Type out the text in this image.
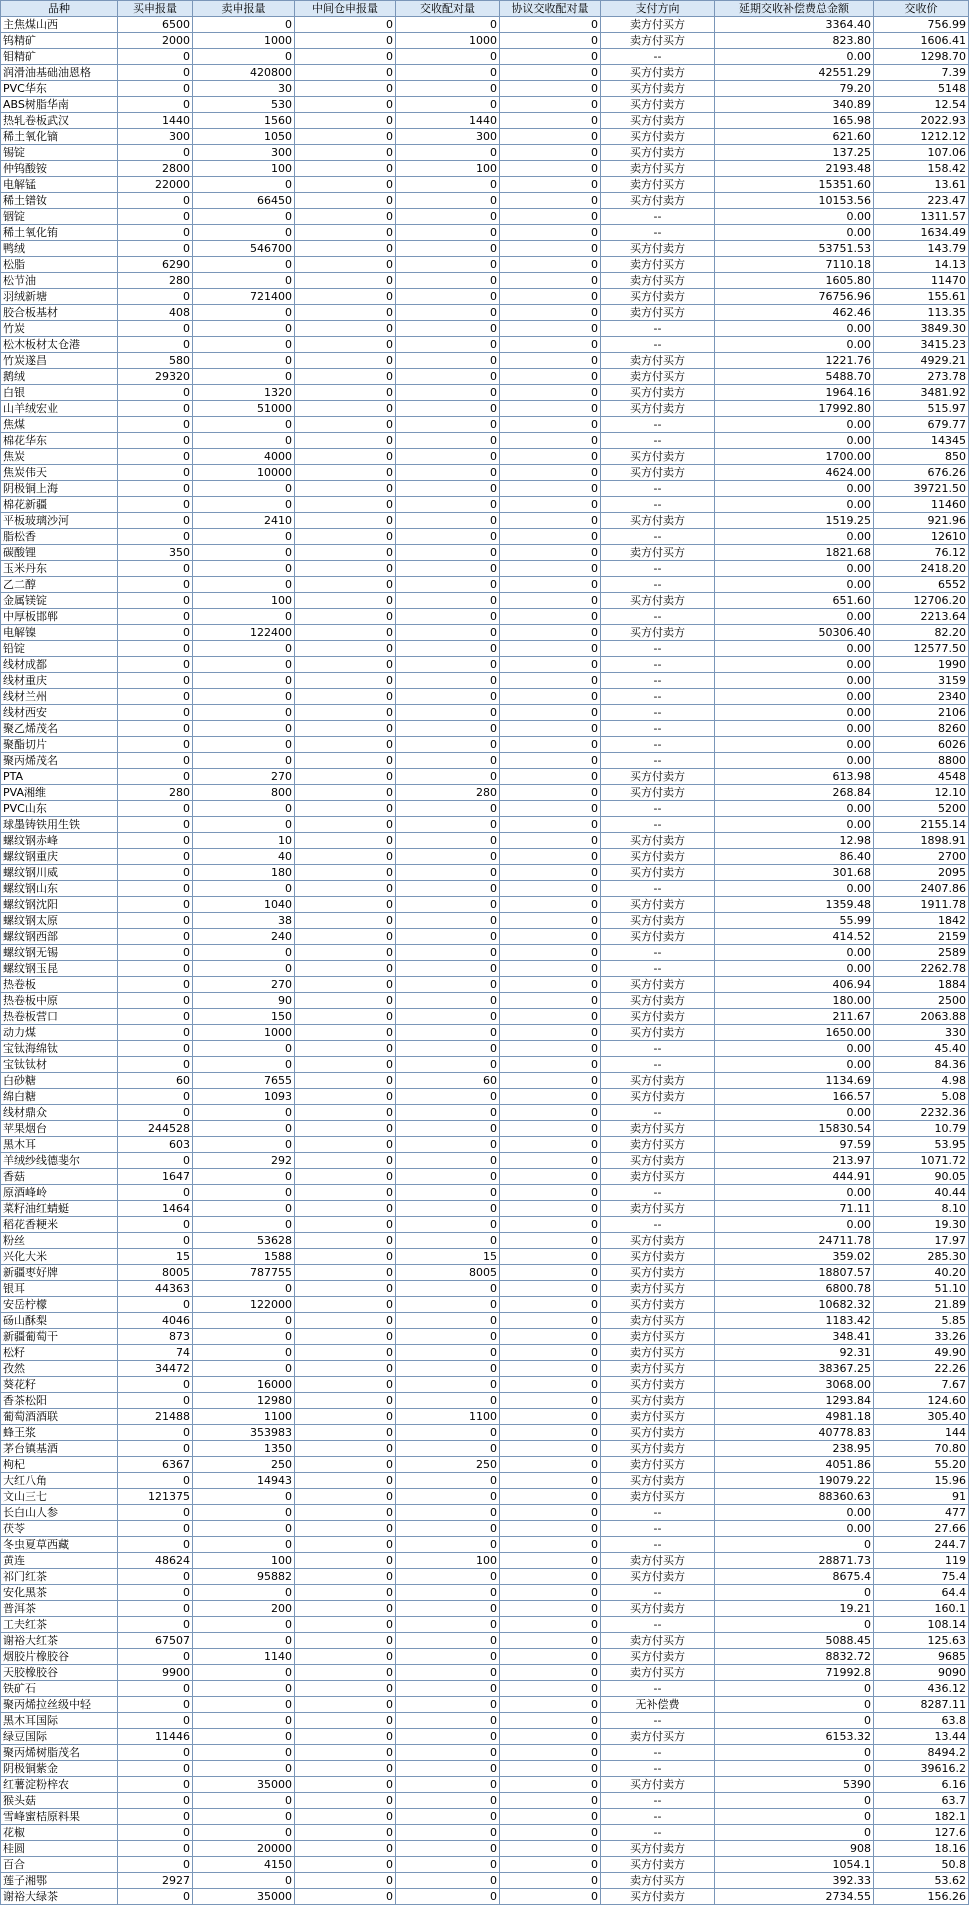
品种	买申报量	卖申报量	中间仓申报量	交收配对量	协议交收配对量	支付方向	延期交收补偿费总金额	交收价
主焦煤山西	6500	0	0	0	0	卖方付买方	3364.40	756.99
钨精矿	2000	1000	0	1000	0	卖方付买方	823.80	1606.41
钼精矿	0	0	0	0	0	--	0.00	1298.70
润滑油基础油恩格	0	420800	0	0	0	买方付卖方	42551.29	7.39
PVC华东	0	30	0	0	0	买方付卖方	79.20	5148
ABS树脂华南	0	530	0	0	0	买方付卖方	340.89	12.54
热轧卷板武汉	1440	1560	0	1440	0	买方付卖方	165.98	2022.93
稀土氧化镝	300	1050	0	300	0	买方付卖方	621.60	1212.12
锡锭	0	300	0	0	0	买方付卖方	137.25	107.06
仲钨酸铵	2800	100	0	100	0	卖方付买方	2193.48	158.42
电解锰	22000	0	0	0	0	卖方付买方	15351.60	13.61
稀土镨钕	0	66450	0	0	0	买方付卖方	10153.56	223.47
铟锭	0	0	0	0	0	--	0.00	1311.57
稀土氧化铕	0	0	0	0	0	--	0.00	1634.49
鸭绒	0	546700	0	0	0	买方付卖方	53751.53	143.79
松脂	6290	0	0	0	0	卖方付买方	7110.18	14.13
松节油	280	0	0	0	0	卖方付买方	1605.80	11470
羽绒新塘	0	721400	0	0	0	买方付卖方	76756.96	155.61
胶合板基材	408	0	0	0	0	卖方付买方	462.46	113.35
竹炭	0	0	0	0	0	--	0.00	3849.30
松木板材太仓港	0	0	0	0	0	--	0.00	3415.23
竹炭遂昌	580	0	0	0	0	卖方付买方	1221.76	4929.21
鹅绒	29320	0	0	0	0	卖方付买方	5488.70	273.78
白银	0	1320	0	0	0	买方付卖方	1964.16	3481.92
山羊绒宏业	0	51000	0	0	0	买方付卖方	17992.80	515.97
焦煤	0	0	0	0	0	--	0.00	679.77
棉花华东	0	0	0	0	0	--	0.00	14345
焦炭	0	4000	0	0	0	买方付卖方	1700.00	850
焦炭伟天	0	10000	0	0	0	买方付卖方	4624.00	676.26
阴极铜上海	0	0	0	0	0	--	0.00	39721.50
棉花新疆	0	0	0	0	0	--	0.00	11460
平板玻璃沙河	0	2410	0	0	0	买方付卖方	1519.25	921.96
脂松香	0	0	0	0	0	--	0.00	12610
碳酸锂	350	0	0	0	0	卖方付买方	1821.68	76.12
玉米丹东	0	0	0	0	0	--	0.00	2418.20
乙二醇	0	0	0	0	0	--	0.00	6552
金属镁锭	0	100	0	0	0	买方付卖方	651.60	12706.20
中厚板邯郸	0	0	0	0	0	--	0.00	2213.64
电解镍	0	122400	0	0	0	买方付卖方	50306.40	82.20
铅锭	0	0	0	0	0	--	0.00	12577.50
线材成都	0	0	0	0	0	--	0.00	1990
线材重庆	0	0	0	0	0	--	0.00	3159
线材兰州	0	0	0	0	0	--	0.00	2340
线材西安	0	0	0	0	0	--	0.00	2106
聚乙烯茂名	0	0	0	0	0	--	0.00	8260
聚酯切片	0	0	0	0	0	--	0.00	6026
聚丙烯茂名	0	0	0	0	0	--	0.00	8800
PTA	0	270	0	0	0	买方付卖方	613.98	4548
PVA湘维	280	800	0	280	0	买方付卖方	268.84	12.10
PVC山东	0	0	0	0	0	--	0.00	5200
球墨铸铁用生铁	0	0	0	0	0	--	0.00	2155.14
螺纹钢赤峰	0	10	0	0	0	买方付卖方	12.98	1898.91
螺纹钢重庆	0	40	0	0	0	买方付卖方	86.40	2700
螺纹钢川威	0	180	0	0	0	买方付卖方	301.68	2095
螺纹钢山东	0	0	0	0	0	--	0.00	2407.86
螺纹钢沈阳	0	1040	0	0	0	买方付卖方	1359.48	1911.78
螺纹钢太原	0	38	0	0	0	买方付卖方	55.99	1842
螺纹钢西部	0	240	0	0	0	买方付卖方	414.52	2159
螺纹钢无锡	0	0	0	0	0	--	0.00	2589
螺纹钢玉昆	0	0	0	0	0	--	0.00	2262.78
热卷板	0	270	0	0	0	买方付卖方	406.94	1884
热卷板中原	0	90	0	0	0	买方付卖方	180.00	2500
热卷板营口	0	150	0	0	0	买方付卖方	211.67	2063.88
动力煤	0	1000	0	0	0	买方付卖方	1650.00	330
宝钛海绵钛	0	0	0	0	0	--	0.00	45.40
宝钛钛材	0	0	0	0	0	--	0.00	84.36
白砂糖	60	7655	0	60	0	买方付卖方	1134.69	4.98
绵白糖	0	1093	0	0	0	买方付卖方	166.57	5.08
线材鼎众	0	0	0	0	0	--	0.00	2232.36
苹果烟台	244528	0	0	0	0	卖方付买方	15830.54	10.79
黑木耳	603	0	0	0	0	卖方付买方	97.59	53.95
羊绒纱线德斐尔	0	292	0	0	0	买方付卖方	213.97	1071.72
香菇	1647	0	0	0	0	卖方付买方	444.91	90.05
原酒峰岭	0	0	0	0	0	--	0.00	40.44
菜籽油红蜻蜓	1464	0	0	0	0	卖方付买方	71.11	8.10
稻花香粳米	0	0	0	0	0	--	0.00	19.30
粉丝	0	53628	0	0	0	买方付卖方	24711.78	17.97
兴化大米	15	1588	0	15	0	买方付卖方	359.02	285.30
新疆枣好牌	8005	787755	0	8005	0	买方付卖方	18807.57	40.20
银耳	44363	0	0	0	0	卖方付买方	6800.78	51.10
安岳柠檬	0	122000	0	0	0	买方付卖方	10682.32	21.89
砀山酥梨	4046	0	0	0	0	卖方付买方	1183.42	5.85
新疆葡萄干	873	0	0	0	0	卖方付买方	348.41	33.26
松籽	74	0	0	0	0	卖方付买方	92.31	49.90
孜然	34472	0	0	0	0	卖方付买方	38367.25	22.26
葵花籽	0	16000	0	0	0	买方付卖方	3068.00	7.67
香茶松阳	0	12980	0	0	0	买方付卖方	1293.84	124.60
葡萄酒酒联	21488	1100	0	1100	0	卖方付买方	4981.18	305.40
蜂王浆	0	353983	0	0	0	买方付卖方	40778.83	144
茅台镇基酒	0	1350	0	0	0	买方付卖方	238.95	70.80
枸杞	6367	250	0	250	0	卖方付买方	4051.86	55.20
大红八角	0	14943	0	0	0	买方付卖方	19079.22	15.96
文山三七	121375	0	0	0	0	卖方付买方	88360.63	91
长白山人参	0	0	0	0	0	--	0.00	477
茯苓	0	0	0	0	0	--	0.00	27.66
冬虫夏草西藏	0	0	0	0	0	--	0	244.7
黄连	48624	100	0	100	0	卖方付买方	28871.73	119
祁门红茶	0	95882	0	0	0	买方付卖方	8675.4	75.4
安化黑茶	0	0	0	0	0	--	0	64.4
普洱茶	0	200	0	0	0	买方付卖方	19.21	160.1
工夫红茶	0	0	0	0	0	--	0	108.14
谢裕大红茶	67507	0	0	0	0	卖方付买方	5088.45	125.63
烟胶片橡胶谷	0	1140	0	0	0	买方付卖方	8832.72	9685
天胶橡胶谷	9900	0	0	0	0	卖方付买方	71992.8	9090
铁矿石	0	0	0	0	0	--	0	436.12
聚丙烯拉丝级中轻	0	0	0	0	0	无补偿费	0	8287.11
黑木耳国际	0	0	0	0	0	--	0	63.8
绿豆国际	11446	0	0	0	0	卖方付买方	6153.32	13.44
聚丙烯树脂茂名	0	0	0	0	0	--	0	8494.2
阴极铜紫金	0	0	0	0	0	--	0	39616.2
红薯淀粉梓农	0	35000	0	0	0	买方付卖方	5390	6.16
猴头菇	0	0	0	0	0	--	0	63.7
雪峰蜜桔原料果	0	0	0	0	0	--	0	182.1
花椒	0	0	0	0	0	--	0	127.6
桂圆	0	20000	0	0	0	买方付卖方	908	18.16
百合	0	4150	0	0	0	买方付卖方	1054.1	50.8
莲子湘鄂	2927	0	0	0	0	卖方付买方	392.33	53.62
谢裕大绿茶	0	35000	0	0	0	买方付卖方	2734.55	156.26
